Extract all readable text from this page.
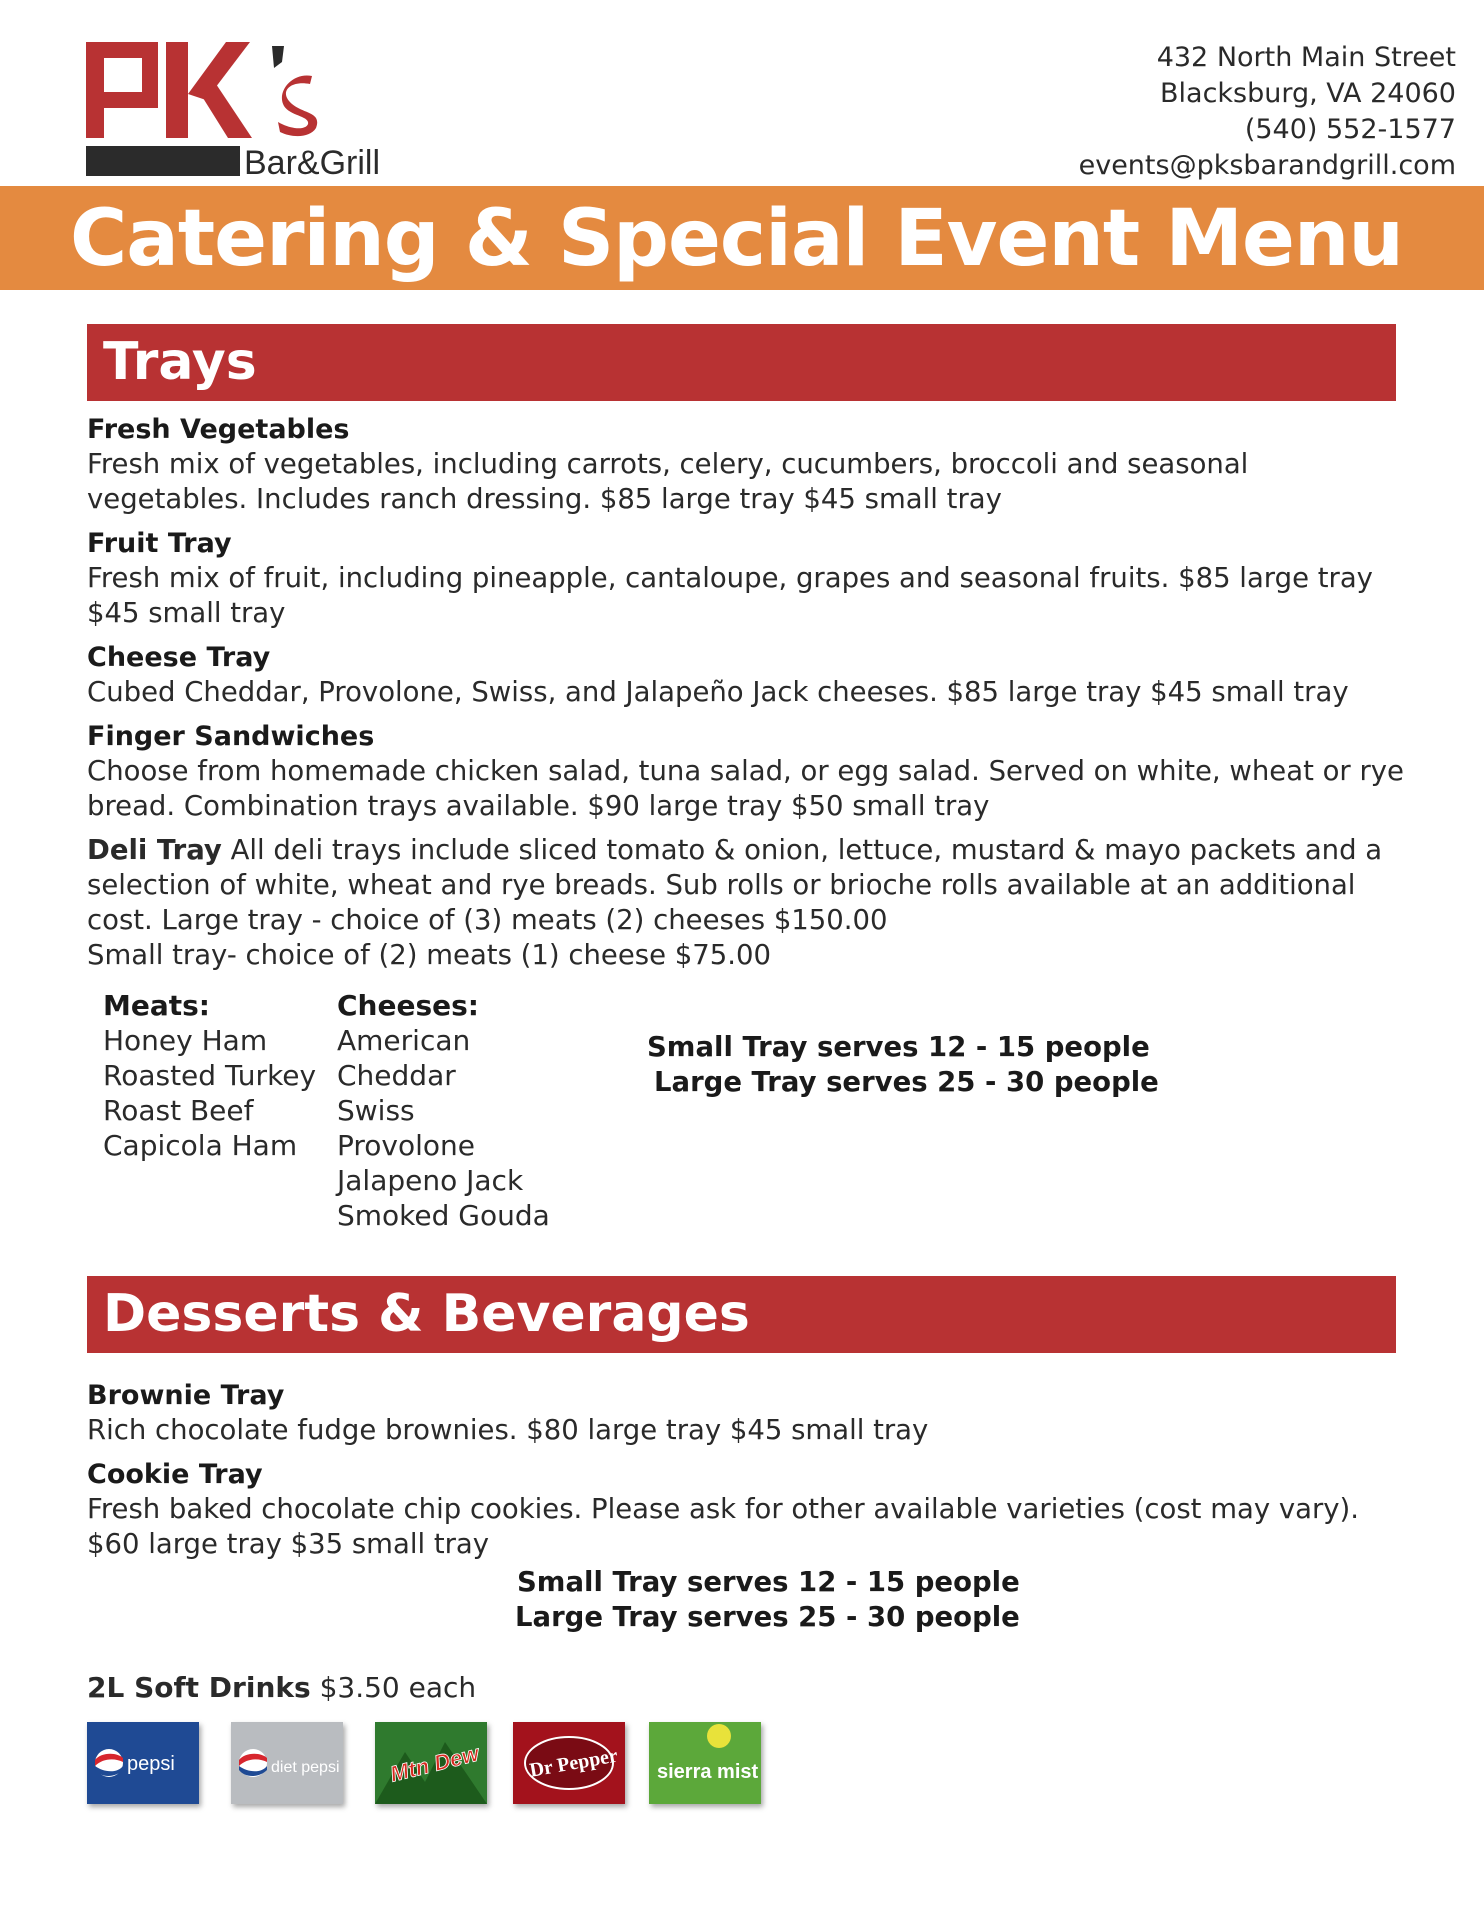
Bar&Grill
432 North Main Street
Blacksburg, VA 24060
(540) 552-1577
events@pksbarandgrill.com
Catering & Special Event Menu
Trays
Fresh Vegetables

Fresh mix of vegetables, including carrots, celery, cucumbers, broccoli and seasonal vegetables. Includes ranch dressing. $85 large tray $45 small tray

Fruit Tray

Fresh mix of fruit, including pineapple, cantaloupe, grapes and seasonal fruits. $85 large tray $45 small tray

Cheese Tray

Cubed Cheddar, Provolone, Swiss, and Jalapeño Jack cheeses. $85 large tray $45 small tray

Finger Sandwiches

Choose from homemade chicken salad, tuna salad, or egg salad. Served on white, wheat or rye bread. Combination trays available. $90 large tray $50 small tray

Deli Tray All deli trays include sliced tomato & onion, lettuce, mustard & mayo packets and a selection of white, wheat and rye breads. Sub rolls or brioche rolls available at an additional cost. Large tray - choice of (3) meats (2) cheeses $150.00

Small tray- choice of (2) meats (1) cheese $75.00

Meats:
Honey Ham
Roasted Turkey
Roast Beef
Capicola Ham
Cheeses:
American
Cheddar
Swiss
Provolone
Jalapeno Jack
Smoked Gouda
Small Tray serves 12 - 15 people
Large Tray serves 25 - 30 people
Desserts & Beverages
Brownie Tray

Rich chocolate fudge brownies. $80 large tray $45 small tray

Cookie Tray

Fresh baked chocolate chip cookies. Please ask for other available varieties (cost may vary). $60 large tray $35 small tray

Small Tray serves 12 - 15 people
Large Tray serves 25 - 30 people
2L Soft Drinks $3.50 each
pepsi	diet pepsi Mtn Dew Dr Pepper sierra mist
